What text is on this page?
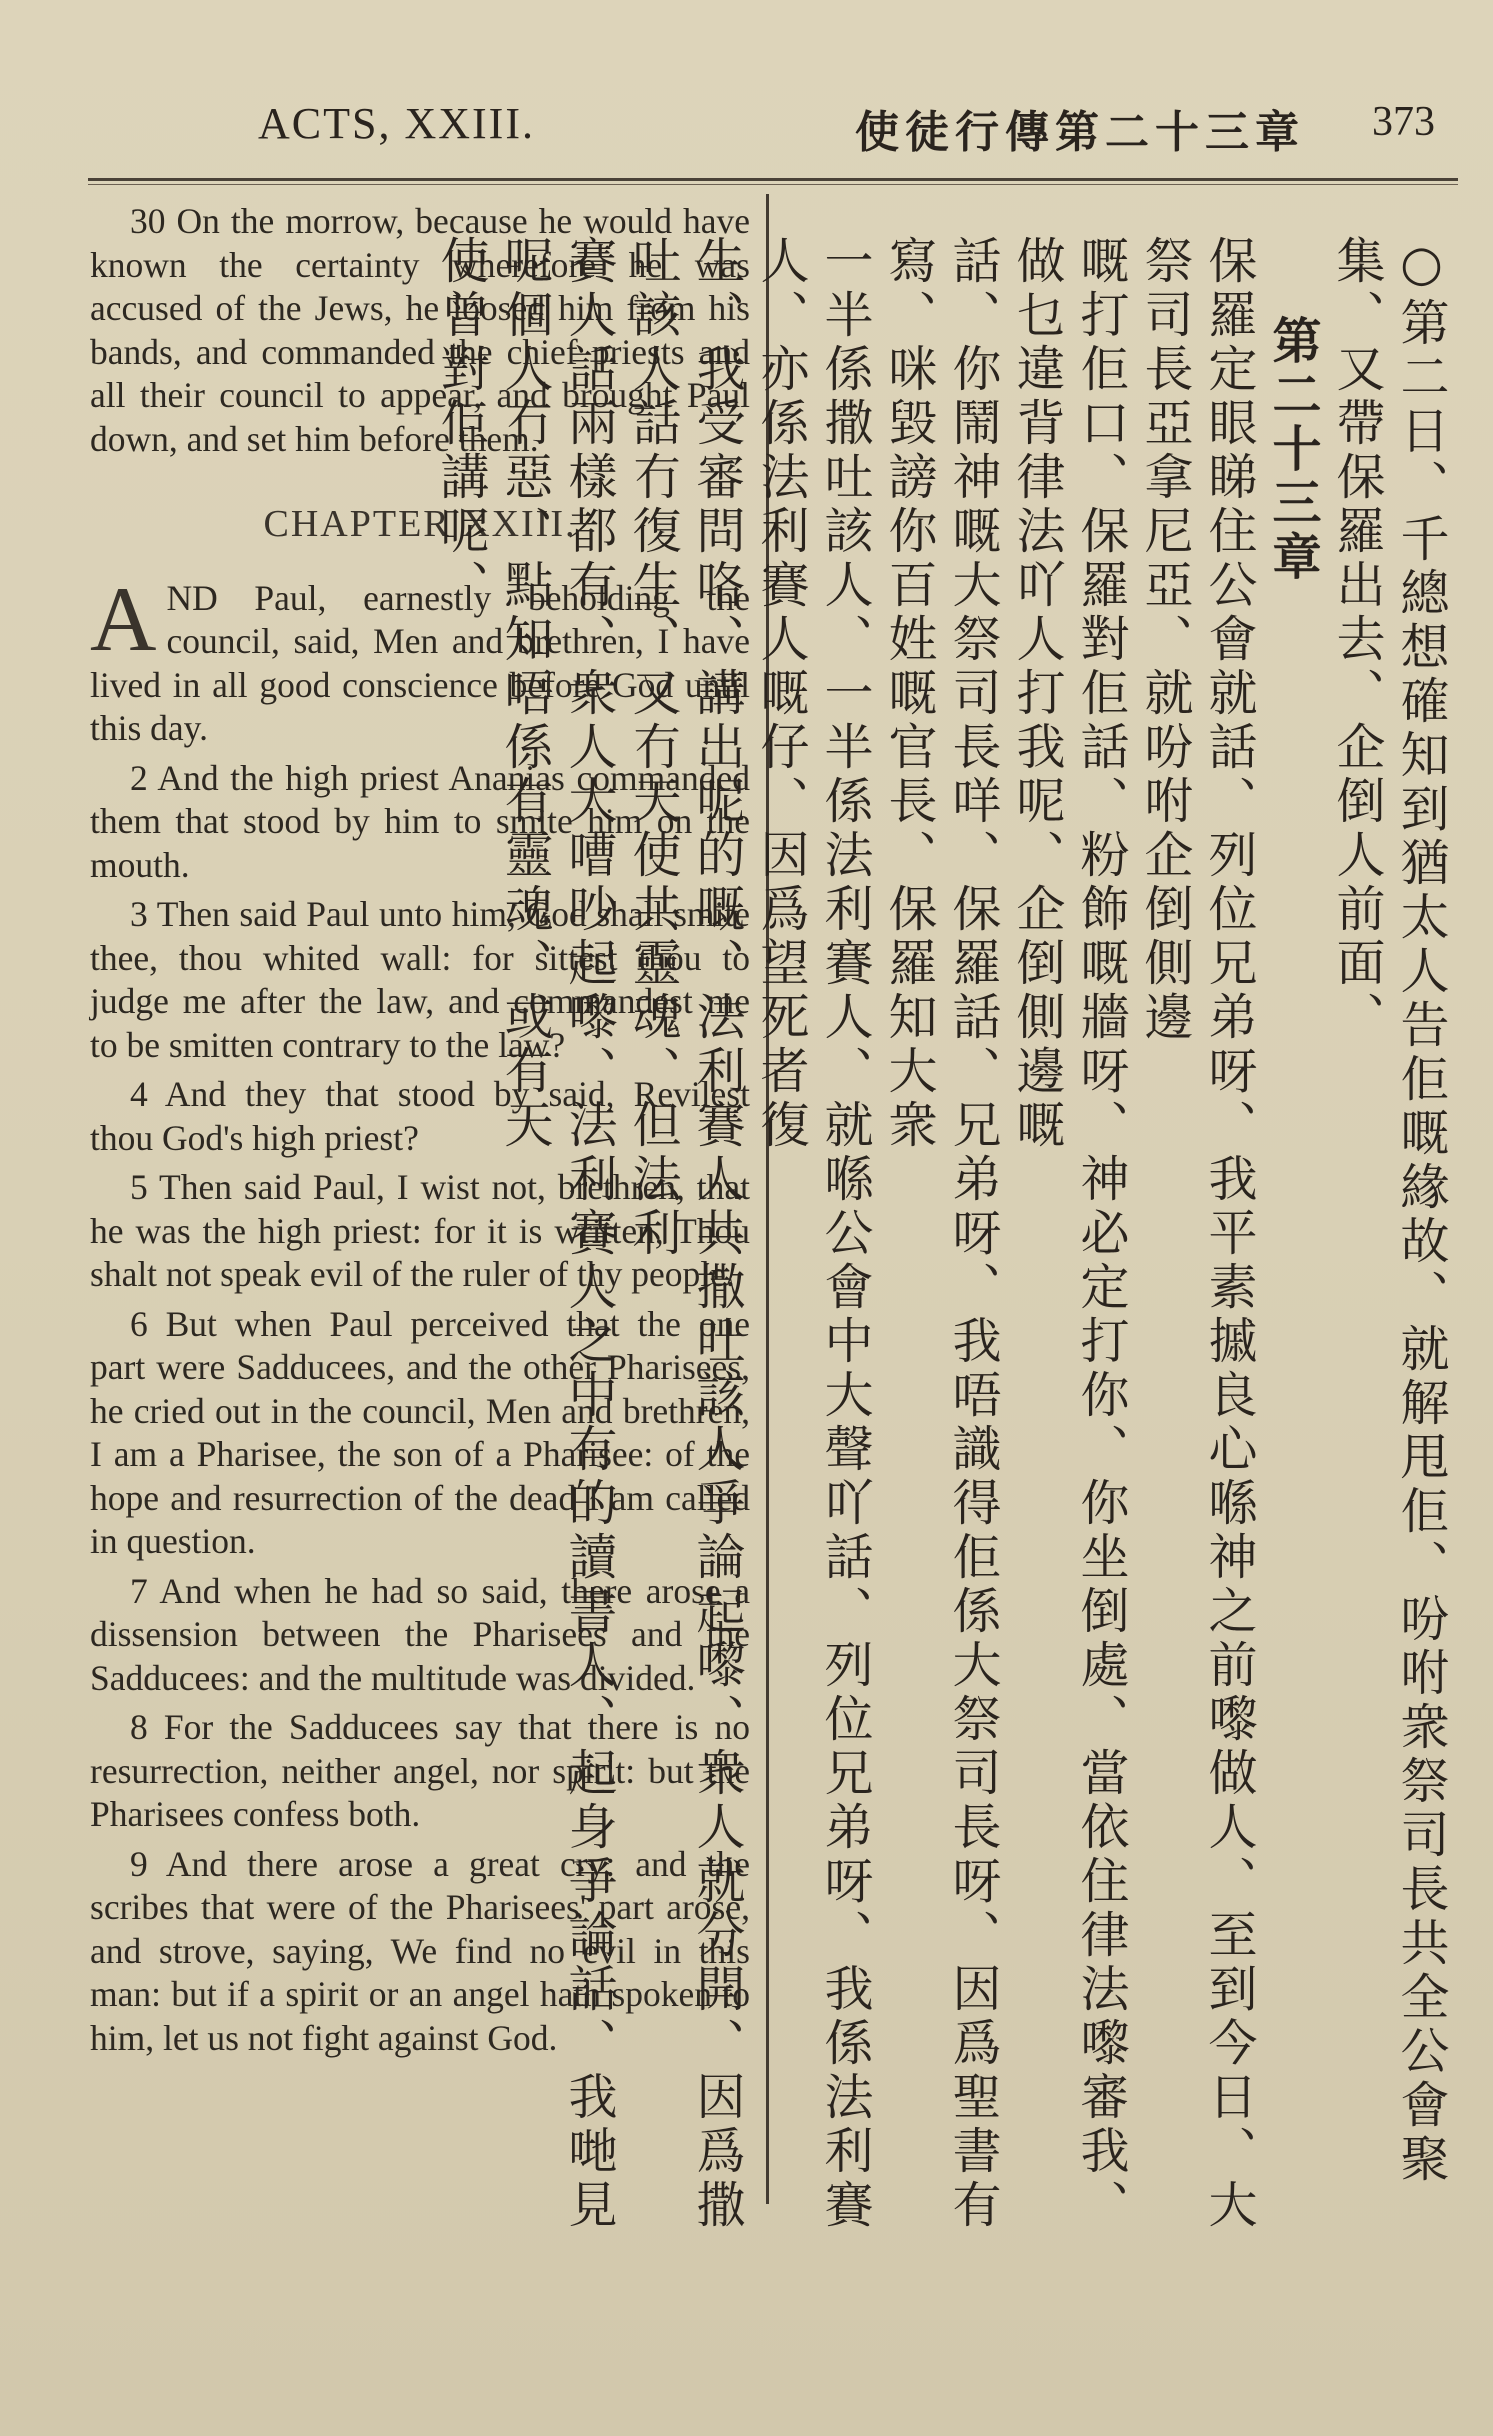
ACTS, XXIII.	使徒行傳第二十三章 373

30 On the morrow, because he would have known the certainty wherefore he was accused of the Jews, he loosed him from his bands, and commanded the chief priests and all their council to appear, and brought Paul down, and set him before them.

CHAPTER XXIII.

AND Paul, earnestly beholding the council, said, Men and brethren, I have lived in all good conscience before God until this day.

2 And the high priest Ananias commanded them that stood by him to smite him on the mouth.

3 Then said Paul unto him, God shall smite thee, thou whited wall: for sittest thou to judge me after the law, and commandest me to be smitten contrary to the law?

4 And they that stood by said, Revilest thou God's high priest?

5 Then said Paul, I wist not, brethren, that he was the high priest: for it is written, Thou shalt not speak evil of the ruler of thy people.

6 But when Paul perceived that the one part were Sadducees, and the other Pharisees, he cried out in the council, Men and brethren, I am a Pharisee, the son of a Pharisee: of the hope and resurrection of the dead I am called in question.

7 And when he had so said, there arose a dissension between the Pharisees and the Sadducees: and the multitude was divided.

8 For the Sadducees say that there is no resurrection, neither angel, nor spirit: but the Pharisees confess both.

9 And there arose a great cry: and the scribes that were of the Pharisees' part arose, and strove, saying, We find no evil in this man: but if a spirit or an angel hath spoken to him, let us not fight against God.	○第二日、千總想確知到猶太人告佢嘅緣故、就解甩佢、吩咐衆祭司長共全公會聚集、又帶保羅出去、企倒人前面、
第二十三章
保羅定眼睇住公會就話、列位兄弟呀、我平素摵良心喺神之前嚟做人、至到今日、大祭司長亞拿尼亞、就吩咐企倒側邊
嘅打佢口、保羅對佢話、粉飾嘅牆呀、神必定打你、你坐倒處、當依住律法嚟審我、做乜違背律法吖人打我呢、企倒側邊嘅
話、你鬧神嘅大祭司長咩、保羅話、兄弟呀、我唔識得佢係大祭司長呀、因爲聖書有寫、咪毀謗你百姓嘅官長、保羅知大衆
一半係撒吐該人、一半係法利賽人、就喺公會中大聲吖話、列位兄弟呀、我係法利賽人、亦係法利賽人嘅仔、因爲望死者復
生、我受審問咯、講出呢的嘅、法利賽人共撒吐該人爭論起嚟、衆人就分開、因爲撒吐該人話冇復生、又冇天使共靈魂、但法利
賽人話兩樣都有、衆人大嘈吵起嚟、法利賽人之中有的讀書人、起身爭論話、我哋見呢個人冇惡、點知唔係有靈魂、或有天
使曾對佢講呢、
